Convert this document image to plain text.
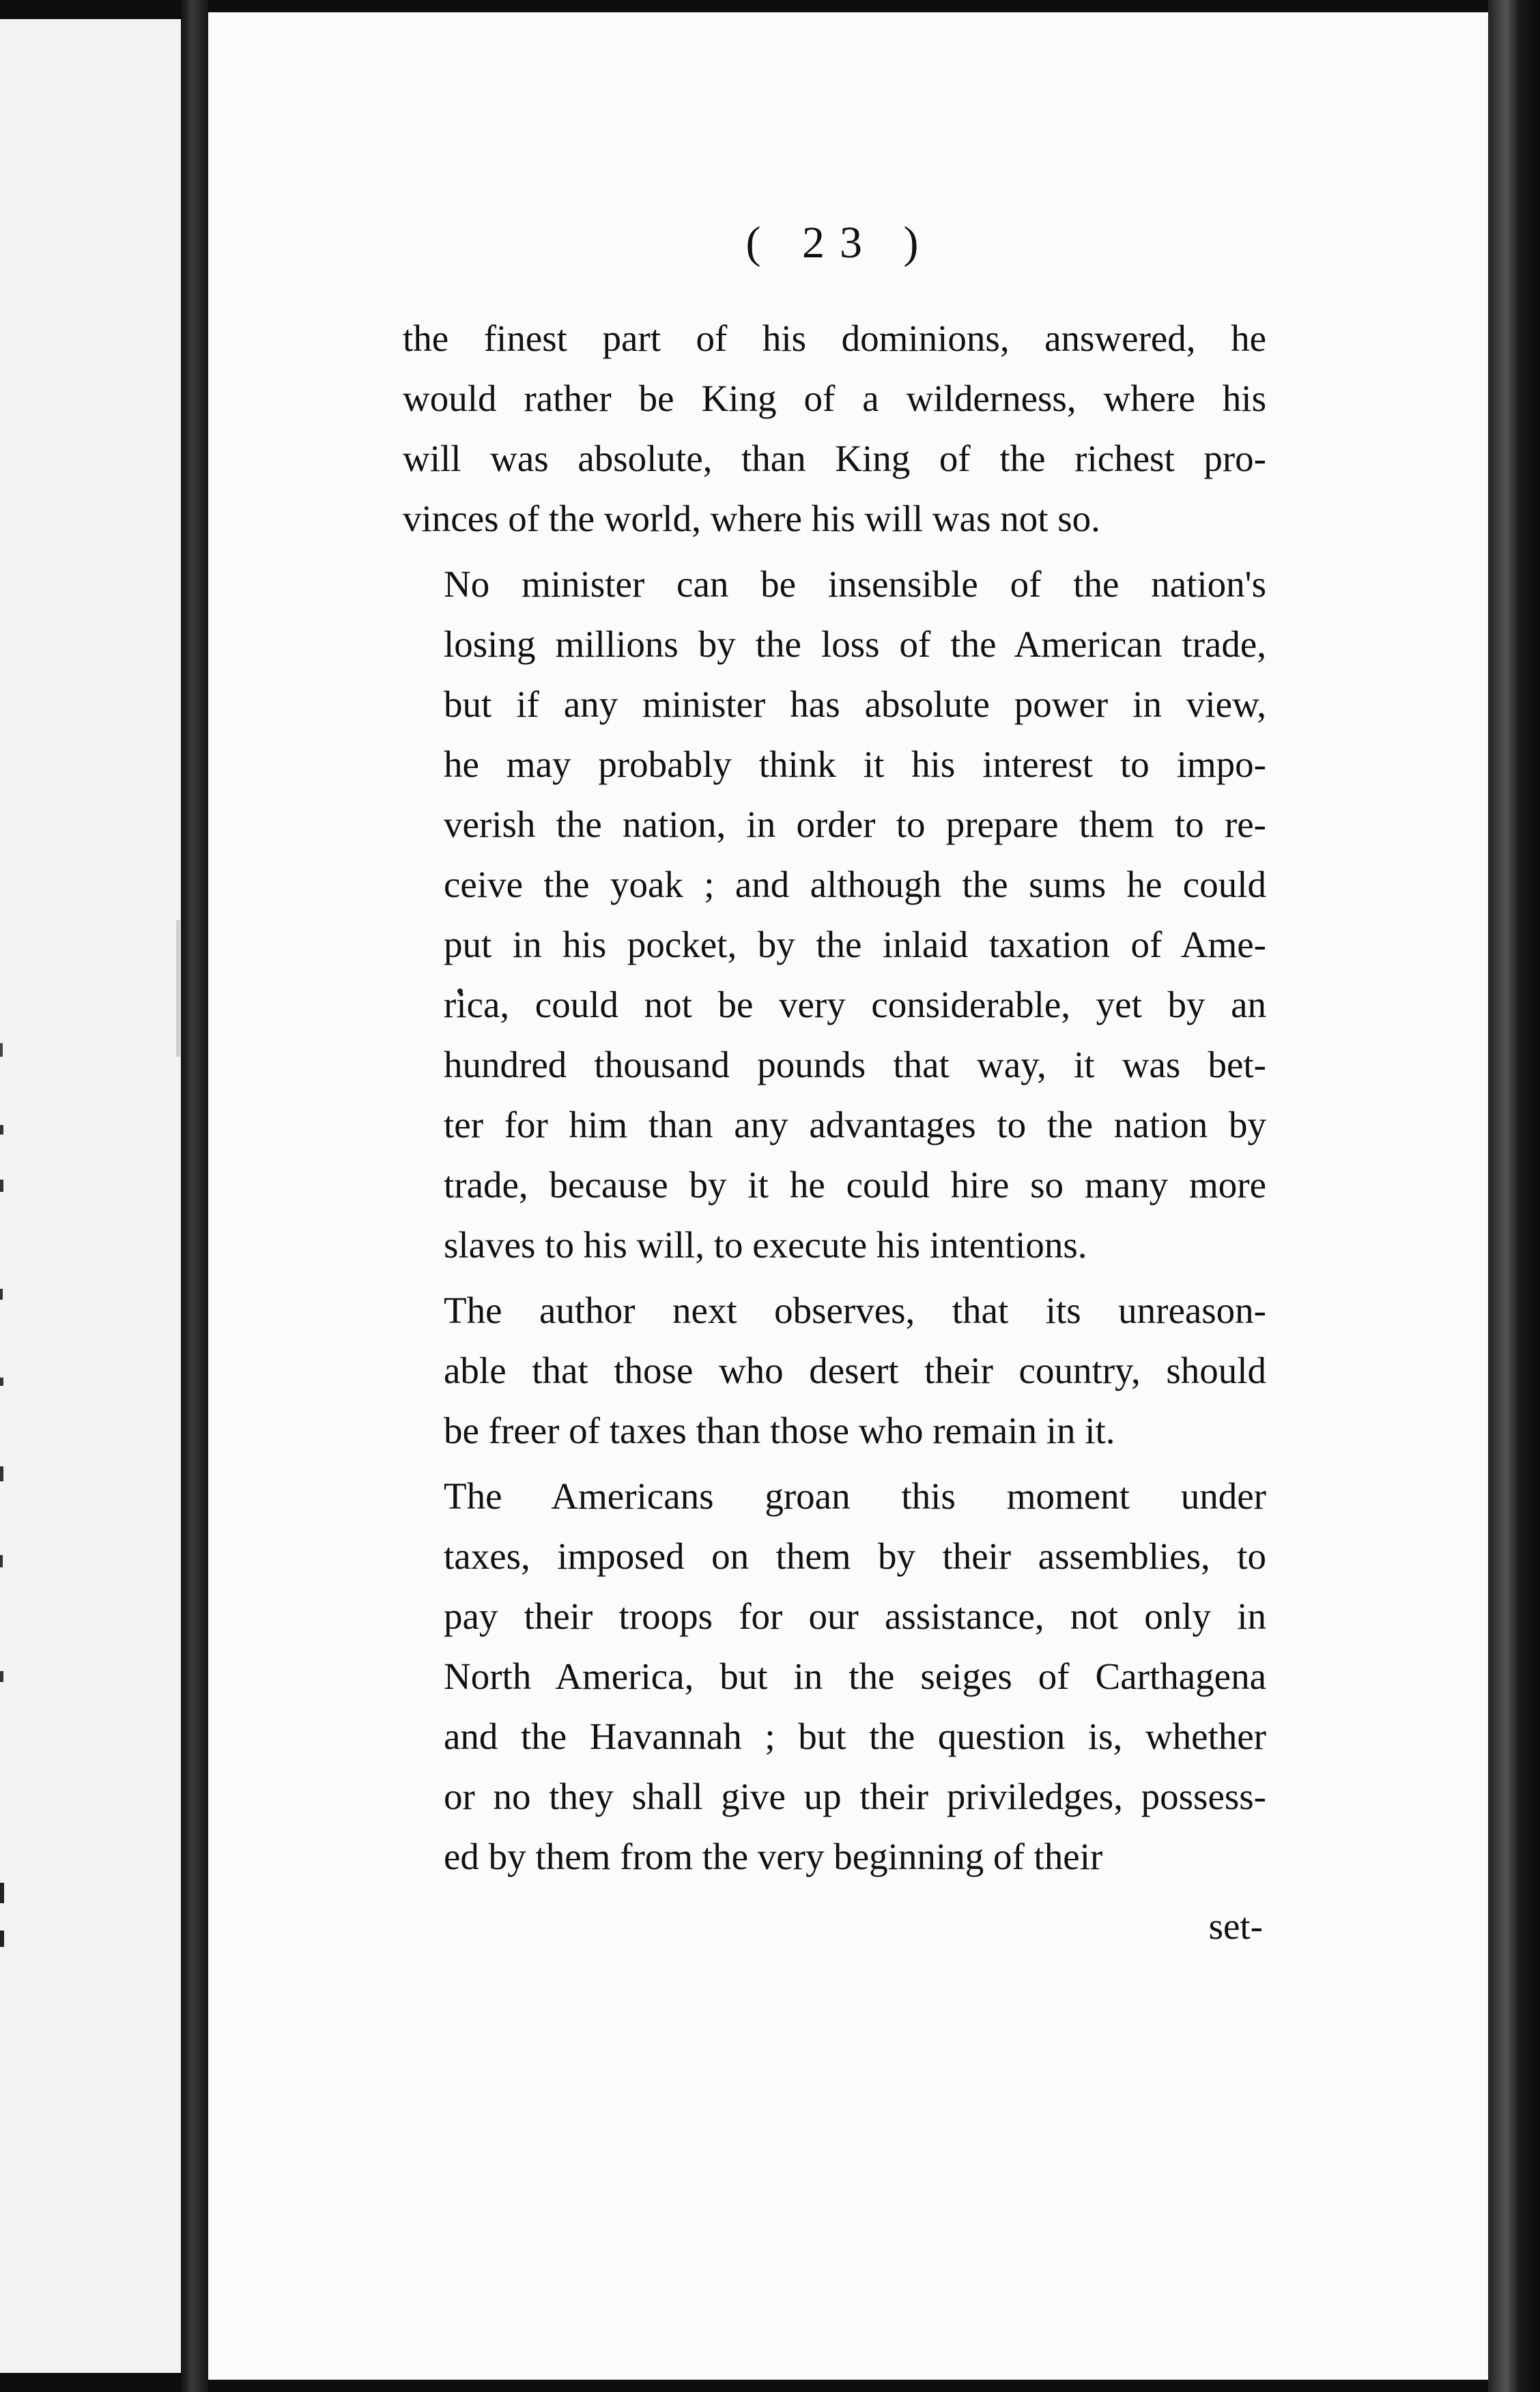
( 23 )

the finest part of his dominions, answered, he
would rather be King of a wilderness, where his
will was absolute, than King of the richest pro-
vinces of the world, where his will was not so.

No minister can be insensible of the nation's
losing millions by the loss of the American trade,
but if any minister has absolute power in view,
he may probably think it his interest to impo-
verish the nation, in order to prepare them to re-
ceive the yoak ; and although the sums he could
put in his pocket, by the inlaid taxation of Ame-
rica, could not be very considerable, yet by an
hundred thousand pounds that way, it was bet-
ter for him than any advantages to the nation by
trade, because by it he could hire so many more
slaves to his will, to execute his intentions.

The author next observes, that its unreason-
able that those who desert their country, should
be freer of taxes than those who remain in it.

The Americans groan this moment under
taxes, imposed on them by their assemblies, to
pay their troops for our assistance, not only in
North America, but in the seiges of Carthagena
and the Havannah ; but the question is, whether
or no they shall give up their priviledges, possess-
ed by them from the very beginning of their

set-
